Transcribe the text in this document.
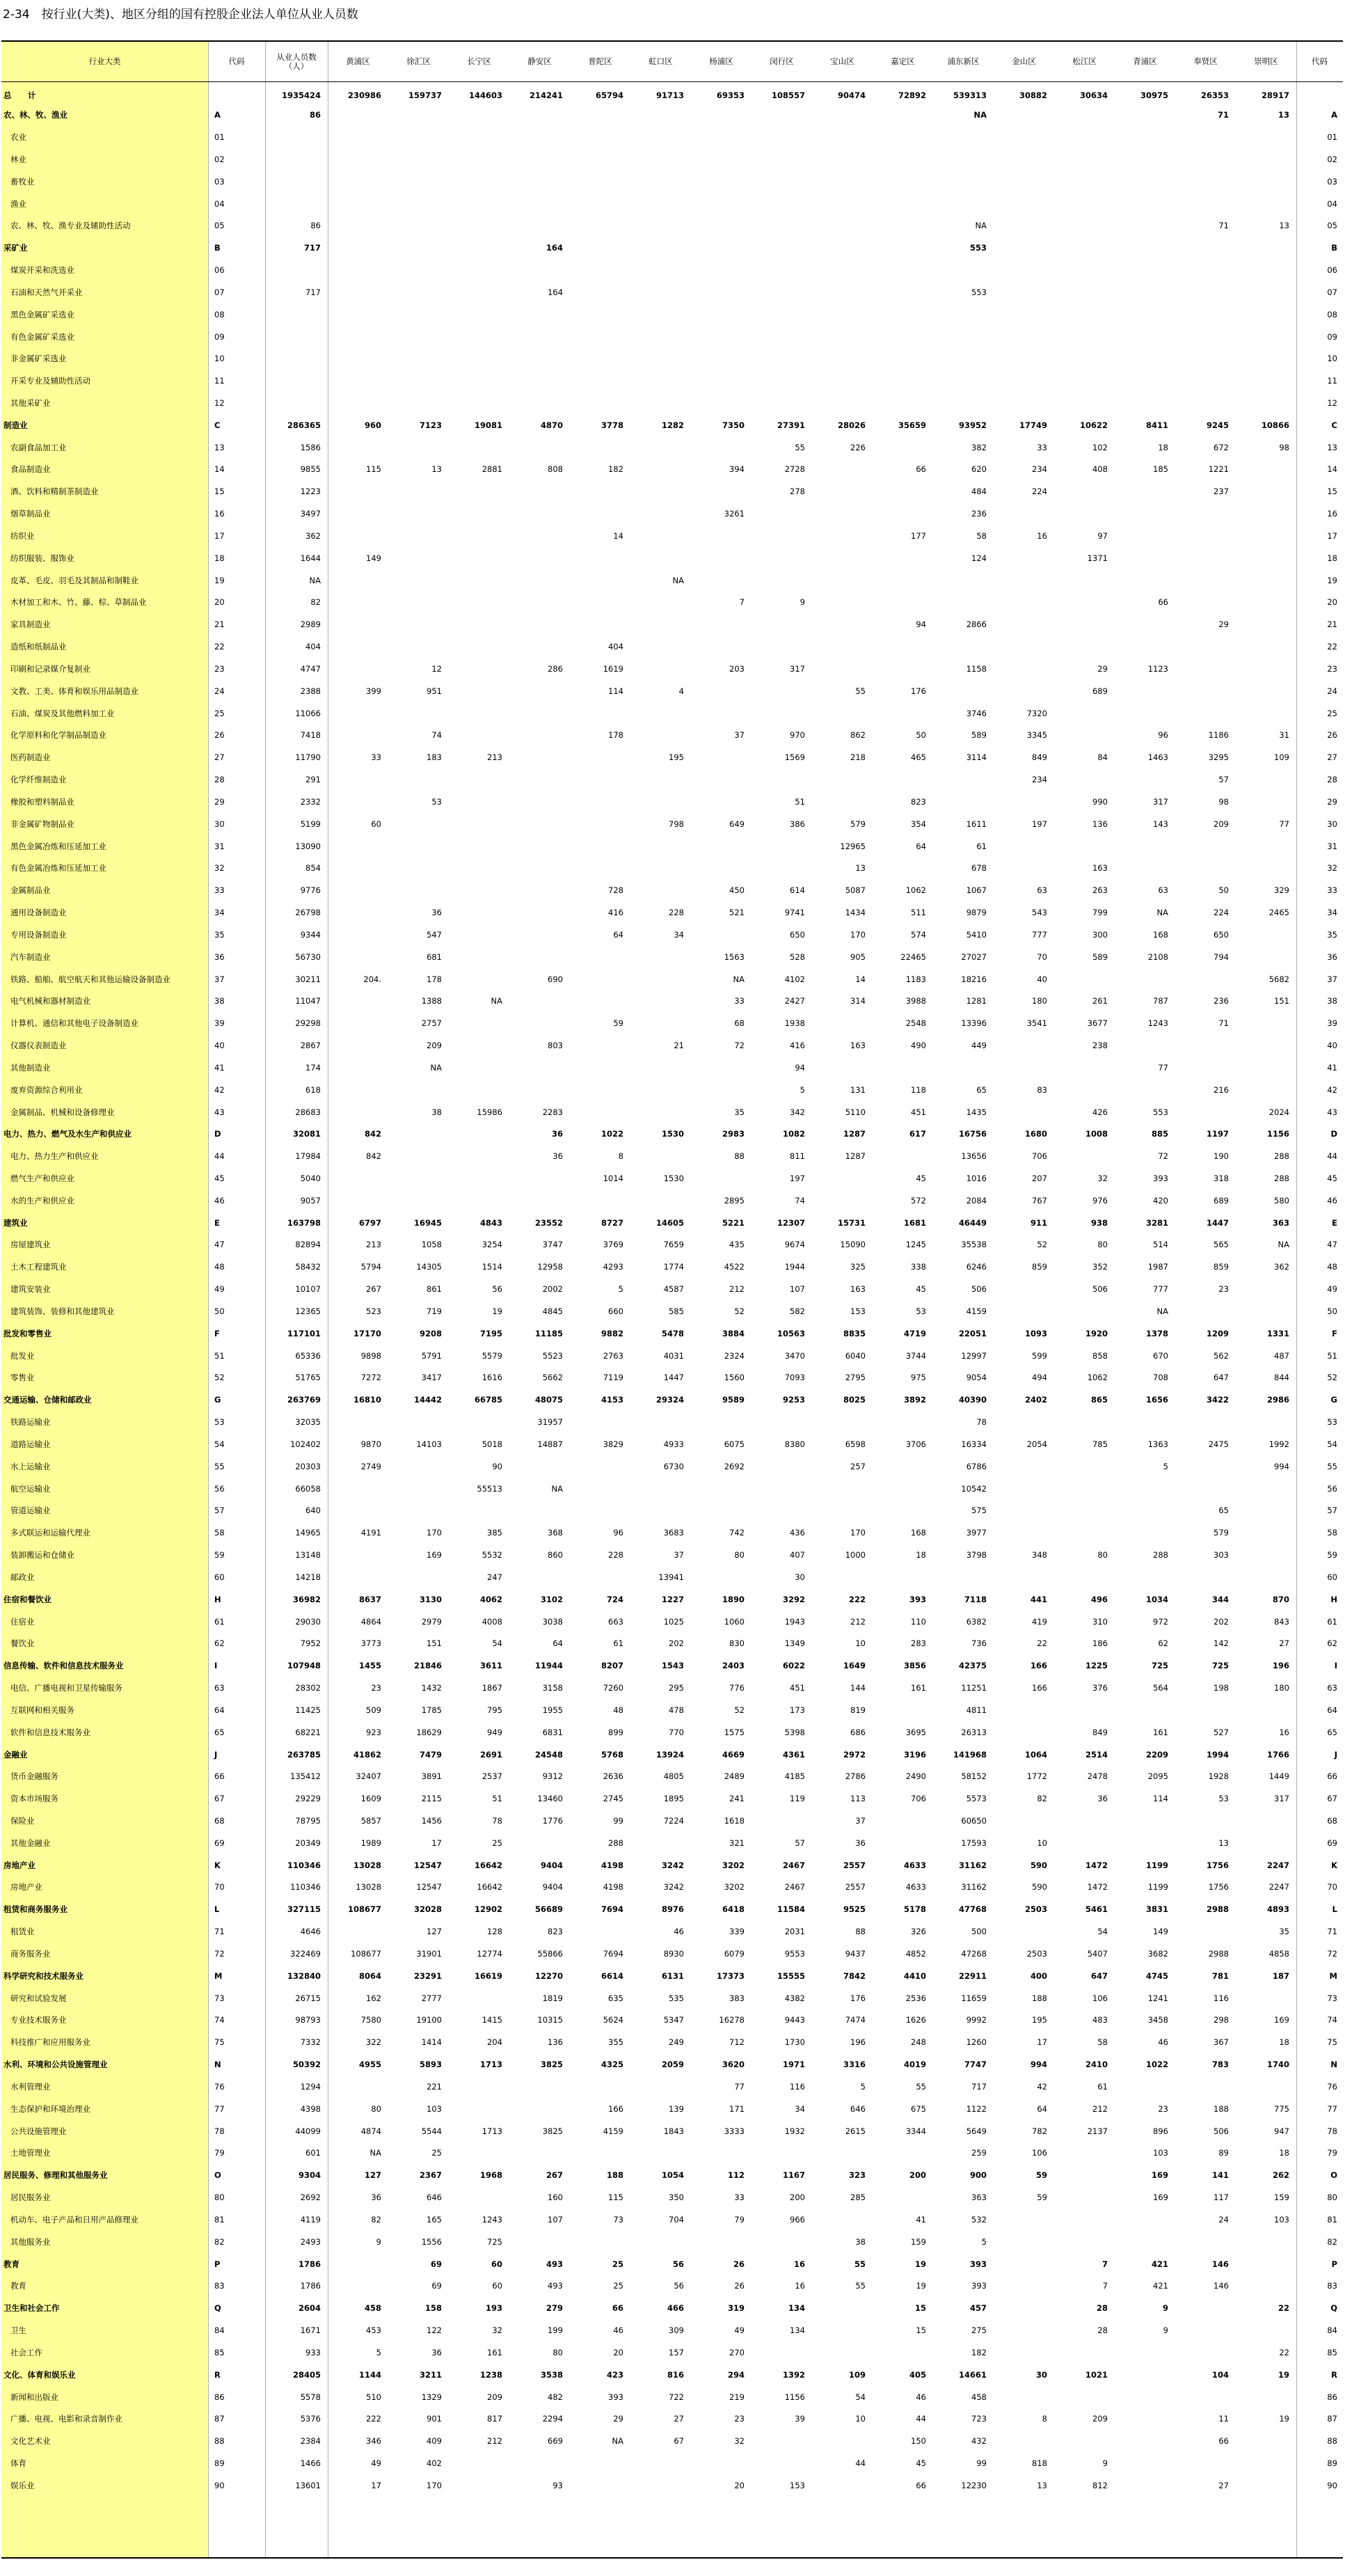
2-34　按行业(大类)、地区分组的国有控股企业法人单位从业人员数
行业大类	代码	从业人员数（人）	黄浦区	徐汇区	长宁区	静安区	普陀区	虹口区	杨浦区	闵行区	宝山区	嘉定区	浦东新区	金山区	松江区	青浦区	奉贤区	崇明区	代码
总　计		1935424	230986	159737	144603	214241	65794	91713	69353	108557	90474	72892	539313	30882	30634	30975	26353	28917	
农、林、牧、渔业	A	86											NA				71	13	A
农业	01																		01
林业	02																		02
畜牧业	03																		03
渔业	04																		04
农、林、牧、渔专业及辅助性活动	05	86											NA				71	13	05
采矿业	B	717				164							553						B
煤炭开采和洗选业	06																		06
石油和天然气开采业	07	717				164							553						07
黑色金属矿采选业	08																		08
有色金属矿采选业	09																		09
非金属矿采选业	10																		10
开采专业及辅助性活动	11																		11
其他采矿业	12																		12
制造业	C	286365	960	7123	19081	4870	3778	1282	7350	27391	28026	35659	93952	17749	10622	8411	9245	10866	C
农副食品加工业	13	1586								55	226		382	33	102	18	672	98	13
食品制造业	14	9855	115	13	2881	808	182		394	2728		66	620	234	408	185	1221		14
酒、饮料和精制茶制造业	15	1223								278			484	224			237		15
烟草制品业	16	3497							3261				236						16
纺织业	17	362					14					177	58	16	97				17
纺织服装、服饰业	18	1644	149										124		1371				18
皮革、毛皮、羽毛及其制品和制鞋业	19	NA						NA											19
木材加工和木、竹、藤、棕、草制品业	20	82							7	9						66			20
家具制造业	21	2989										94	2866				29		21
造纸和纸制品业	22	404					404												22
印刷和记录媒介复制业	23	4747		12		286	1619		203	317			1158		29	1123			23
文教、工美、体育和娱乐用品制造业	24	2388	399	951			114	4			55	176			689				24
石油、煤炭及其他燃料加工业	25	11066											3746	7320					25
化学原料和化学制品制造业	26	7418		74			178		37	970	862	50	589	3345		96	1186	31	26
医药制造业	27	11790	33	183	213			195		1569	218	465	3114	849	84	1463	3295	109	27
化学纤维制造业	28	291												234			57		28
橡胶和塑料制品业	29	2332		53						51		823			990	317	98		29
非金属矿物制品业	30	5199	60					798	649	386	579	354	1611	197	136	143	209	77	30
黑色金属冶炼和压延加工业	31	13090									12965	64	61						31
有色金属冶炼和压延加工业	32	854									13		678		163				32
金属制品业	33	9776					728		450	614	5087	1062	1067	63	263	63	50	329	33
通用设备制造业	34	26798		36			416	228	521	9741	1434	511	9879	543	799	NA	224	2465	34
专用设备制造业	35	9344		547			64	34		650	170	574	5410	777	300	168	650		35
汽车制造业	36	56730		681					1563	528	905	22465	27027	70	589	2108	794		36
铁路、船舶、航空航天和其他运输设备制造业	37	30211	204.	178		690			NA	4102	14	1183	18216	40				5682	37
电气机械和器材制造业	38	11047		1388	NA				33	2427	314	3988	1281	180	261	787	236	151	38
计算机、通信和其他电子设备制造业	39	29298		2757			59		68	1938		2548	13396	3541	3677	1243	71		39
仪器仪表制造业	40	2867		209		803		21	72	416	163	490	449		238				40
其他制造业	41	174		NA						94						77			41
废弃资源综合利用业	42	618								5	131	118	65	83			216		42
金属制品、机械和设备修理业	43	28683		38	15986	2283			35	342	5110	451	1435		426	553		2024	43
电力、热力、燃气及水生产和供应业	D	32081	842			36	1022	1530	2983	1082	1287	617	16756	1680	1008	885	1197	1156	D
电力、热力生产和供应业	44	17984	842			36	8		88	811	1287		13656	706		72	190	288	44
燃气生产和供应业	45	5040					1014	1530		197		45	1016	207	32	393	318	288	45
水的生产和供应业	46	9057							2895	74		572	2084	767	976	420	689	580	46
建筑业	E	163798	6797	16945	4843	23552	8727	14605	5221	12307	15731	1681	46449	911	938	3281	1447	363	E
房屋建筑业	47	82894	213	1058	3254	3747	3769	7659	435	9674	15090	1245	35538	52	80	514	565	NA	47
土木工程建筑业	48	58432	5794	14305	1514	12958	4293	1774	4522	1944	325	338	6246	859	352	1987	859	362	48
建筑安装业	49	10107	267	861	56	2002	5	4587	212	107	163	45	506		506	777	23		49
建筑装饰、装修和其他建筑业	50	12365	523	719	19	4845	660	585	52	582	153	53	4159			NA			50
批发和零售业	F	117101	17170	9208	7195	11185	9882	5478	3884	10563	8835	4719	22051	1093	1920	1378	1209	1331	F
批发业	51	65336	9898	5791	5579	5523	2763	4031	2324	3470	6040	3744	12997	599	858	670	562	487	51
零售业	52	51765	7272	3417	1616	5662	7119	1447	1560	7093	2795	975	9054	494	1062	708	647	844	52
交通运输、仓储和邮政业	G	263769	16810	14442	66785	48075	4153	29324	9589	9253	8025	3892	40390	2402	865	1656	3422	2986	G
铁路运输业	53	32035				31957							78						53
道路运输业	54	102402	9870	14103	5018	14887	3829	4933	6075	8380	6598	3706	16334	2054	785	1363	2475	1992	54
水上运输业	55	20303	2749		90			6730	2692		257		6786			5		994	55
航空运输业	56	66058			55513	NA							10542						56
管道运输业	57	640											575				65		57
多式联运和运输代理业	58	14965	4191	170	385	368	96	3683	742	436	170	168	3977				579		58
装卸搬运和仓储业	59	13148		169	5532	860	228	37	80	407	1000	18	3798	348	80	288	303		59
邮政业	60	14218			247			13941		30									60
住宿和餐饮业	H	36982	8637	3130	4062	3102	724	1227	1890	3292	222	393	7118	441	496	1034	344	870	H
住宿业	61	29030	4864	2979	4008	3038	663	1025	1060	1943	212	110	6382	419	310	972	202	843	61
餐饮业	62	7952	3773	151	54	64	61	202	830	1349	10	283	736	22	186	62	142	27	62
信息传输、软件和信息技术服务业	I	107948	1455	21846	3611	11944	8207	1543	2403	6022	1649	3856	42375	166	1225	725	725	196	I
电信、广播电视和卫星传输服务	63	28302	23	1432	1867	3158	7260	295	776	451	144	161	11251	166	376	564	198	180	63
互联网和相关服务	64	11425	509	1785	795	1955	48	478	52	173	819		4811						64
软件和信息技术服务业	65	68221	923	18629	949	6831	899	770	1575	5398	686	3695	26313		849	161	527	16	65
金融业	J	263785	41862	7479	2691	24548	5768	13924	4669	4361	2972	3196	141968	1064	2514	2209	1994	1766	J
货币金融服务	66	135412	32407	3891	2537	9312	2636	4805	2489	4185	2786	2490	58152	1772	2478	2095	1928	1449	66
资本市场服务	67	29229	1609	2115	51	13460	2745	1895	241	119	113	706	5573	82	36	114	53	317	67
保险业	68	78795	5857	1456	78	1776	99	7224	1618		37		60650						68
其他金融业	69	20349	1989	17	25		288		321	57	36		17593	10			13		69
房地产业	K	110346	13028	12547	16642	9404	4198	3242	3202	2467	2557	4633	31162	590	1472	1199	1756	2247	K
房地产业	70	110346	13028	12547	16642	9404	4198	3242	3202	2467	2557	4633	31162	590	1472	1199	1756	2247	70
租赁和商务服务业	L	327115	108677	32028	12902	56689	7694	8976	6418	11584	9525	5178	47768	2503	5461	3831	2988	4893	L
租赁业	71	4646		127	128	823		46	339	2031	88	326	500		54	149		35	71
商务服务业	72	322469	108677	31901	12774	55866	7694	8930	6079	9553	9437	4852	47268	2503	5407	3682	2988	4858	72
科学研究和技术服务业	M	132840	8064	23291	16619	12270	6614	6131	17373	15555	7842	4410	22911	400	647	4745	781	187	M
研究和试验发展	73	26715	162	2777		1819	635	535	383	4382	176	2536	11659	188	106	1241	116		73
专业技术服务业	74	98793	7580	19100	1415	10315	5624	5347	16278	9443	7474	1626	9992	195	483	3458	298	169	74
科技推广和应用服务业	75	7332	322	1414	204	136	355	249	712	1730	196	248	1260	17	58	46	367	18	75
水利、环境和公共设施管理业	N	50392	4955	5893	1713	3825	4325	2059	3620	1971	3316	4019	7747	994	2410	1022	783	1740	N
水利管理业	76	1294		221					77	116	5	55	717	42	61				76
生态保护和环境治理业	77	4398	80	103			166	139	171	34	646	675	1122	64	212	23	188	775	77
公共设施管理业	78	44099	4874	5544	1713	3825	4159	1843	3333	1932	2615	3344	5649	782	2137	896	506	947	78
土地管理业	79	601	NA	25									259	106		103	89	18	79
居民服务、修理和其他服务业	O	9304	127	2367	1968	267	188	1054	112	1167	323	200	900	59		169	141	262	O
居民服务业	80	2692	36	646		160	115	350	33	200	285		363	59		169	117	159	80
机动车、电子产品和日用产品修理业	81	4119	82	165	1243	107	73	704	79	966		41	532				24	103	81
其他服务业	82	2493	9	1556	725						38	159	5						82
教育	P	1786		69	60	493	25	56	26	16	55	19	393		7	421	146		P
教育	83	1786		69	60	493	25	56	26	16	55	19	393		7	421	146		83
卫生和社会工作	Q	2604	458	158	193	279	66	466	319	134		15	457		28	9		22	Q
卫生	84	1671	453	122	32	199	46	309	49	134		15	275		28	9			84
社会工作	85	933	5	36	161	80	20	157	270				182					22	85
文化、体育和娱乐业	R	28405	1144	3211	1238	3538	423	816	294	1392	109	405	14661	30	1021		104	19	R
新闻和出版业	86	5578	510	1329	209	482	393	722	219	1156	54	46	458						86
广播、电视、电影和录音制作业	87	5376	222	901	817	2294	29	27	23	39	10	44	723	8	209		11	19	87
文化艺术业	88	2384	346	409	212	669	NA	67	32			150	432				66		88
体育	89	1466	49	402							44	45	99	818	9				89
娱乐业	90	13601	17	170		93			20	153		66	12230	13	812		27		90
